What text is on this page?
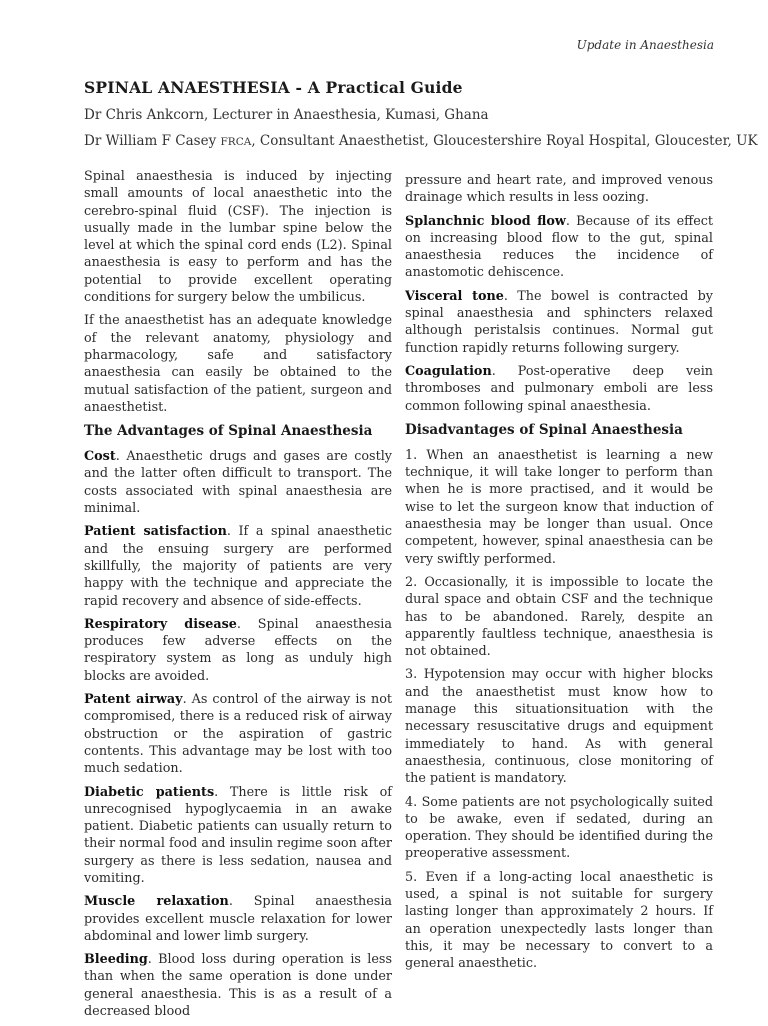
Update in Anaesthesia
SPINAL ANAESTHESIA - A Practical Guide
Dr Chris Ankcorn, Lecturer in Anaesthesia, Kumasi, Ghana
Dr William F Casey FRCA, Consultant Anaesthetist, Gloucestershire Royal Hospital, Gloucester, UK

Spinal anaesthesia is induced by injecting small amounts of local anaesthetic into the cerebro-spinal fluid (CSF). The injection is usually made in the lumbar spine below the level at which the spinal cord ends (L2). Spinal anaesthesia is easy to perform and has the potential to provide excellent operating conditions for surgery below the umbilicus.

If the anaesthetist has an adequate knowledge of the relevant anatomy, physiology and pharmacology, safe and satisfactory anaesthesia can easily be obtained to the mutual satisfaction of the patient, surgeon and anaesthetist.

The Advantages of Spinal Anaesthesia

Cost. Anaesthetic drugs and gases are costly and the latter often difficult to transport. The costs associated with spinal anaesthesia are minimal.

Patient satisfaction. If a spinal anaesthetic and the ensuing surgery are performed skillfully, the majority of patients are very happy with the technique and appreciate the rapid recovery and absence of side-effects.

Respiratory disease. Spinal anaesthesia produces few adverse effects on the respiratory system as long as unduly high blocks are avoided.

Patent airway. As control of the airway is not compromised, there is a reduced risk of airway obstruction or the aspiration of gastric contents. This advantage may be lost with too much sedation.

Diabetic patients. There is little risk of unrecognised hypoglycaemia in an awake patient. Diabetic patients can usually return to their normal food and insulin regime soon after surgery as there is less sedation, nausea and vomiting.

Muscle relaxation. Spinal anaesthesia provides excellent muscle relaxation for lower abdominal and lower limb surgery.

Bleeding. Blood loss during operation is less than when the same operation is done under general anaesthesia. This is as a result of a decreased blood

pressure and heart rate, and improved venous drainage which results in less oozing.

Splanchnic blood flow. Because of its effect on increasing blood flow to the gut, spinal anaesthesia reduces the incidence of anastomotic dehiscence.

Visceral tone. The bowel is contracted by spinal anaesthesia and sphincters relaxed although peristalsis continues. Normal gut function rapidly returns following surgery.

Coagulation. Post-operative deep vein thromboses and pulmonary emboli are less common following spinal anaesthesia.

Disadvantages of Spinal Anaesthesia

1. When an anaesthetist is learning a new technique, it will take longer to perform than when he is more practised, and it would be wise to let the surgeon know that induction of anaesthesia may be longer than usual. Once competent, however, spinal anaesthesia can be very swiftly performed.

2. Occasionally, it is impossible to locate the dural space and obtain CSF and the technique has to be abandoned. Rarely, despite an apparently faultless technique, anaesthesia is not obtained.

3. Hypotension may occur with higher blocks and the anaesthetist must know how to manage this situationsituation with the necessary resuscitative drugs and equipment immediately to hand. As with general anaesthesia, continuous, close monitoring of the patient is mandatory.

4. Some patients are not psychologically suited to be awake, even if sedated, during an operation. They should be identified during the preoperative assessment.

5. Even if a long-acting local anaesthetic is used, a spinal is not suitable for surgery lasting longer than approximately 2 hours. If an operation unexpectedly lasts longer than this, it may be necessary to convert to a general anaesthetic.
